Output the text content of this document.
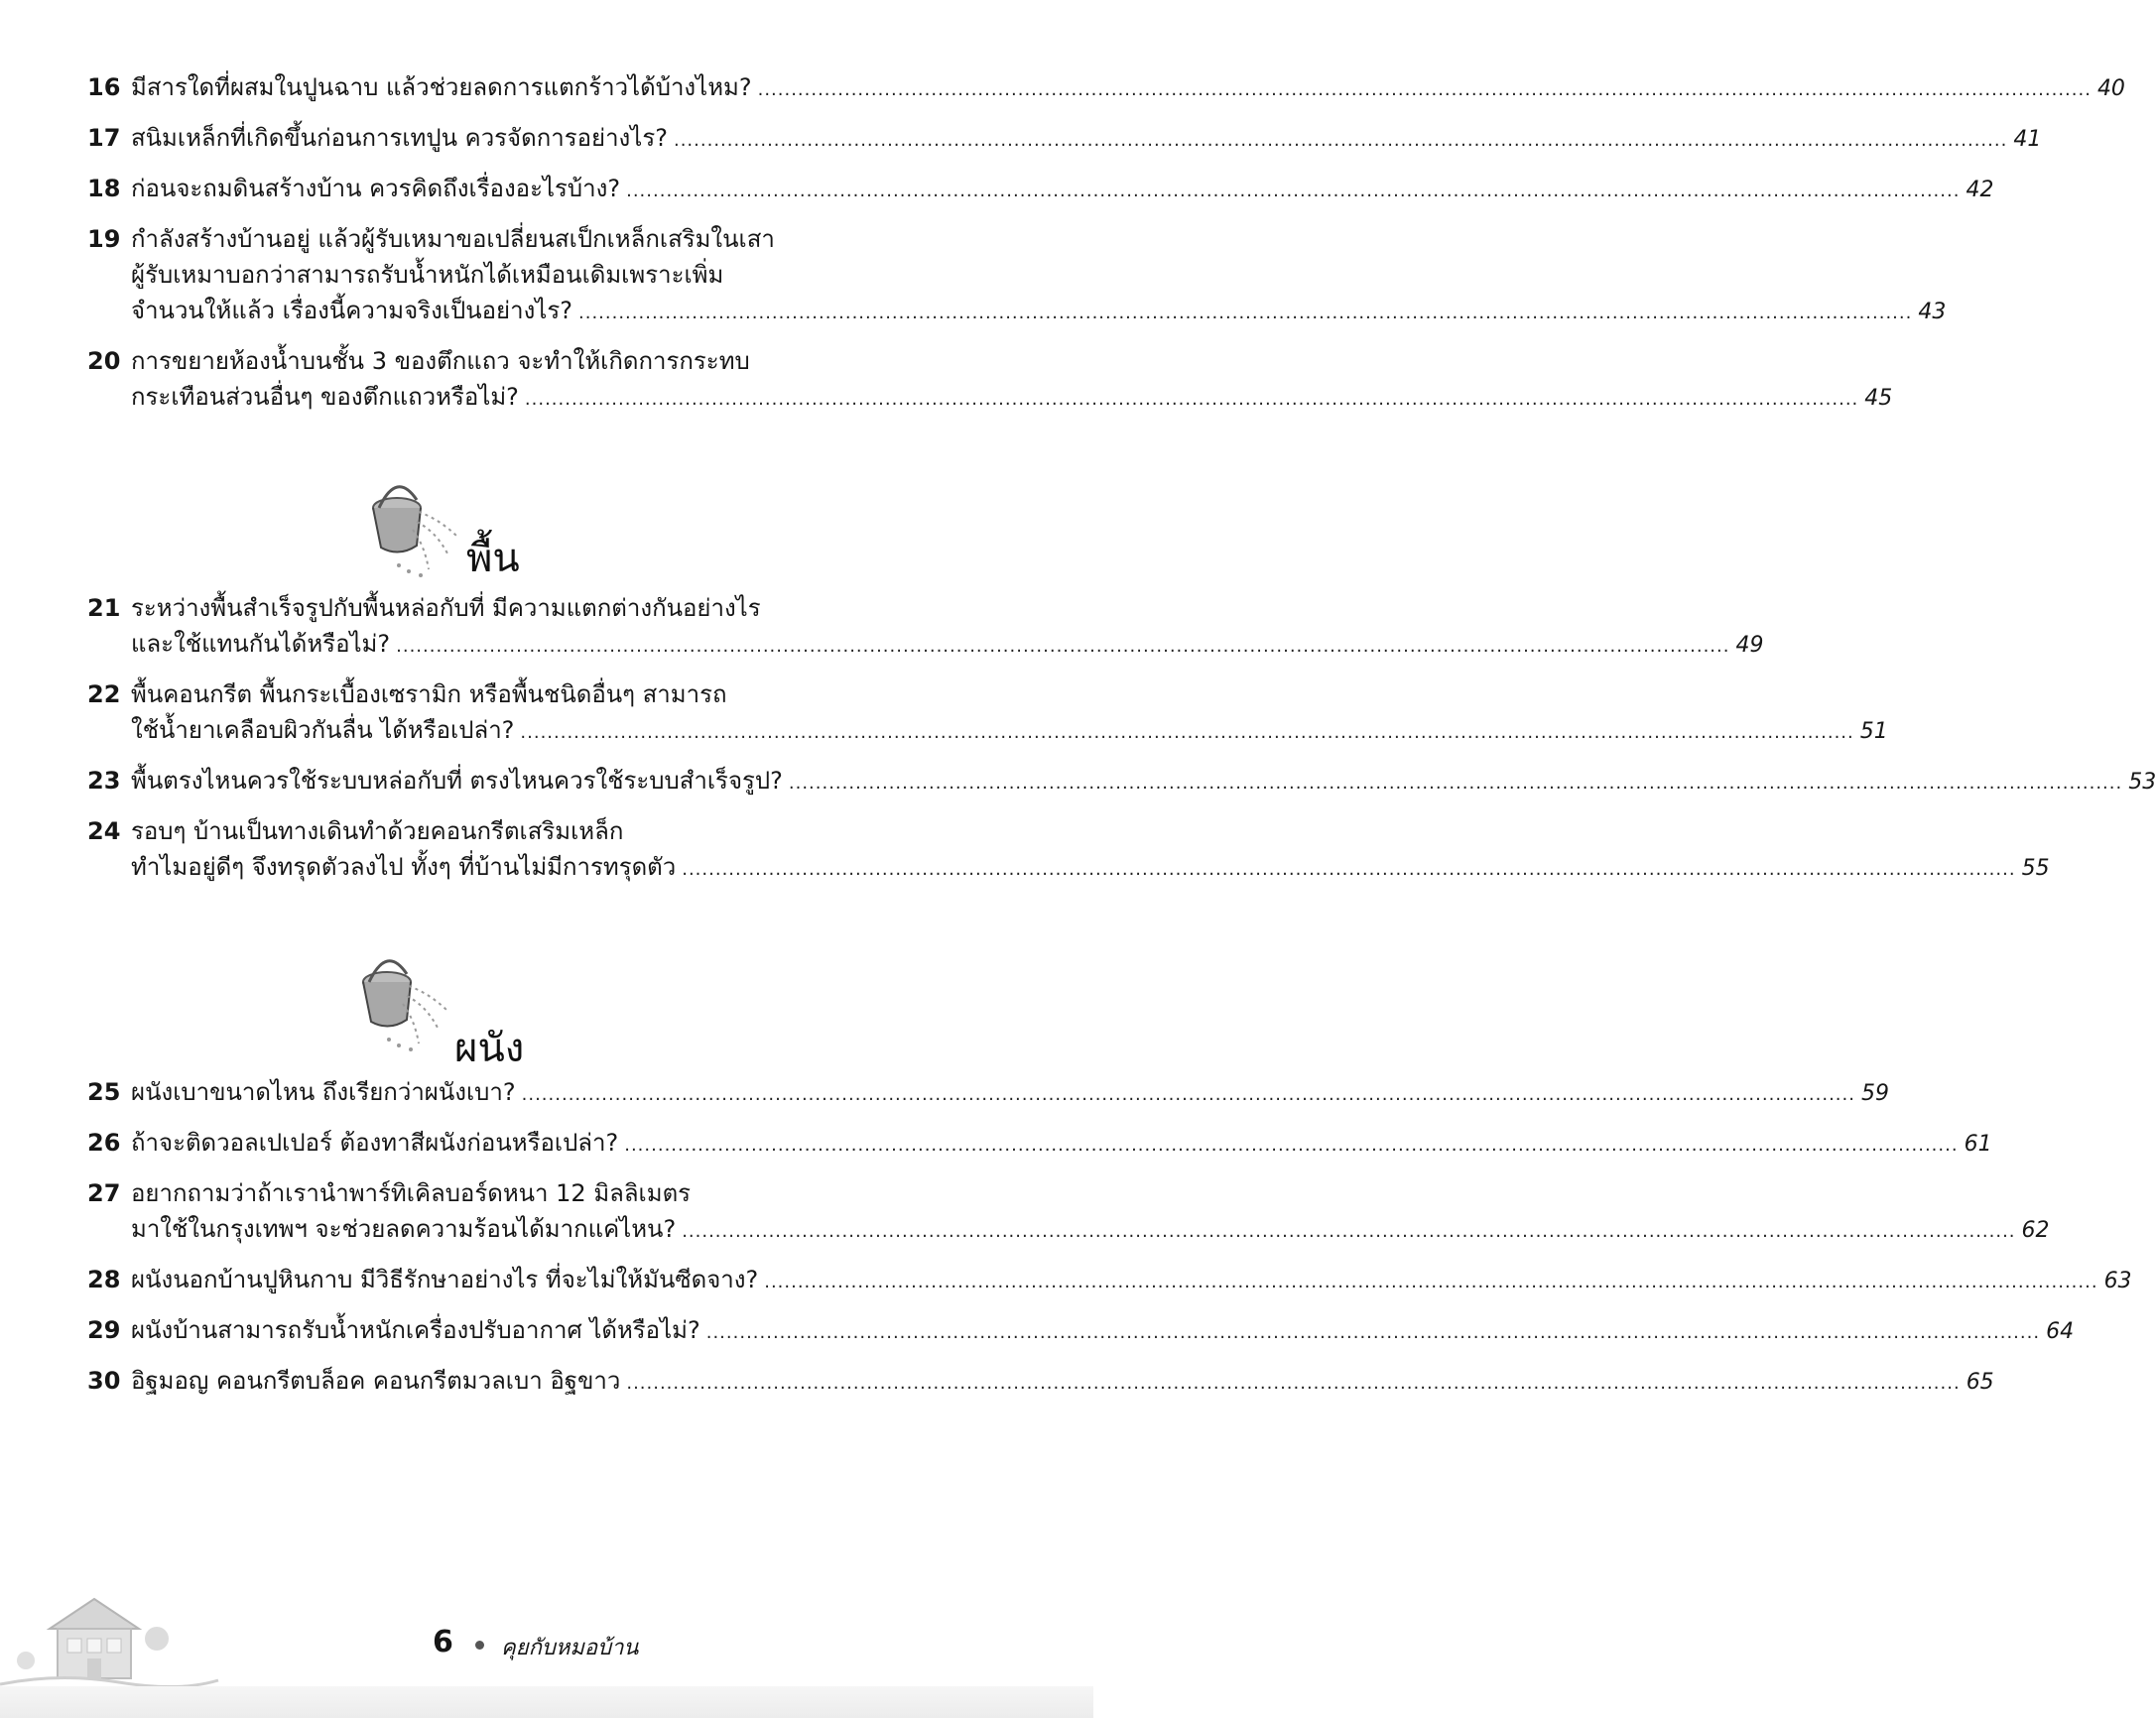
16 มีสารใดที่ผสมในปูนฉาบ แล้วช่วยลดการแตกร้าวได้บ้างไหม? ........................................................................................................................................................................................................ 40
17 สนิมเหล็กที่เกิดขึ้นก่อนการเทปูน ควรจัดการอย่างไร? ........................................................................................................................................................................................................ 41
18 ก่อนจะถมดินสร้างบ้าน ควรคิดถึงเรื่องอะไรบ้าง? ........................................................................................................................................................................................................ 42
19 กำลังสร้างบ้านอยู่ แล้วผู้รับเหมาขอเปลี่ยนสเป็กเหล็กเสริมในเสา
ผู้รับเหมาบอกว่าสามารถรับน้ำหนักได้เหมือนเดิมเพราะเพิ่ม
จำนวนให้แล้ว เรื่องนี้ความจริงเป็นอย่างไร? ........................................................................................................................................................................................................ 43
20 การขยายห้องน้ำบนชั้น 3 ของตึกแถว จะทำให้เกิดการกระทบ
กระเทือนส่วนอื่นๆ ของตึกแถวหรือไม่? ........................................................................................................................................................................................................ 45
พื้น
21 ระหว่างพื้นสำเร็จรูปกับพื้นหล่อกับที่ มีความแตกต่างกันอย่างไร
และใช้แทนกันได้หรือไม่? ........................................................................................................................................................................................................ 49
22 พื้นคอนกรีต พื้นกระเบื้องเซรามิก หรือพื้นชนิดอื่นๆ สามารถ
ใช้น้ำยาเคลือบผิวกันลื่น ได้หรือเปล่า? ........................................................................................................................................................................................................ 51
23 พื้นตรงไหนควรใช้ระบบหล่อกับที่ ตรงไหนควรใช้ระบบสำเร็จรูป? ........................................................................................................................................................................................................ 53
24 รอบๆ บ้านเป็นทางเดินทำด้วยคอนกรีตเสริมเหล็ก
ทำไมอยู่ดีๆ จึงทรุดตัวลงไป ทั้งๆ ที่บ้านไม่มีการทรุดตัว ........................................................................................................................................................................................................ 55
ผนัง
25 ผนังเบาขนาดไหน ถึงเรียกว่าผนังเบา? ........................................................................................................................................................................................................ 59
26 ถ้าจะติดวอลเปเปอร์ ต้องทาสีผนังก่อนหรือเปล่า? ........................................................................................................................................................................................................ 61
27 อยากถามว่าถ้าเรานำพาร์ทิเคิลบอร์ดหนา 12 มิลลิเมตร
มาใช้ในกรุงเทพฯ จะช่วยลดความร้อนได้มากแค่ไหน? ........................................................................................................................................................................................................ 62
28 ผนังนอกบ้านปูหินกาบ มีวิธีรักษาอย่างไร ที่จะไม่ให้มันซีดจาง? ........................................................................................................................................................................................................ 63
29 ผนังบ้านสามารถรับน้ำหนักเครื่องปรับอากาศ ได้หรือไม่? ........................................................................................................................................................................................................ 64
30 อิฐมอญ คอนกรีตบล็อค คอนกรีตมวลเบา อิฐขาว ........................................................................................................................................................................................................ 65
6 คุยกับหมอบ้าน
